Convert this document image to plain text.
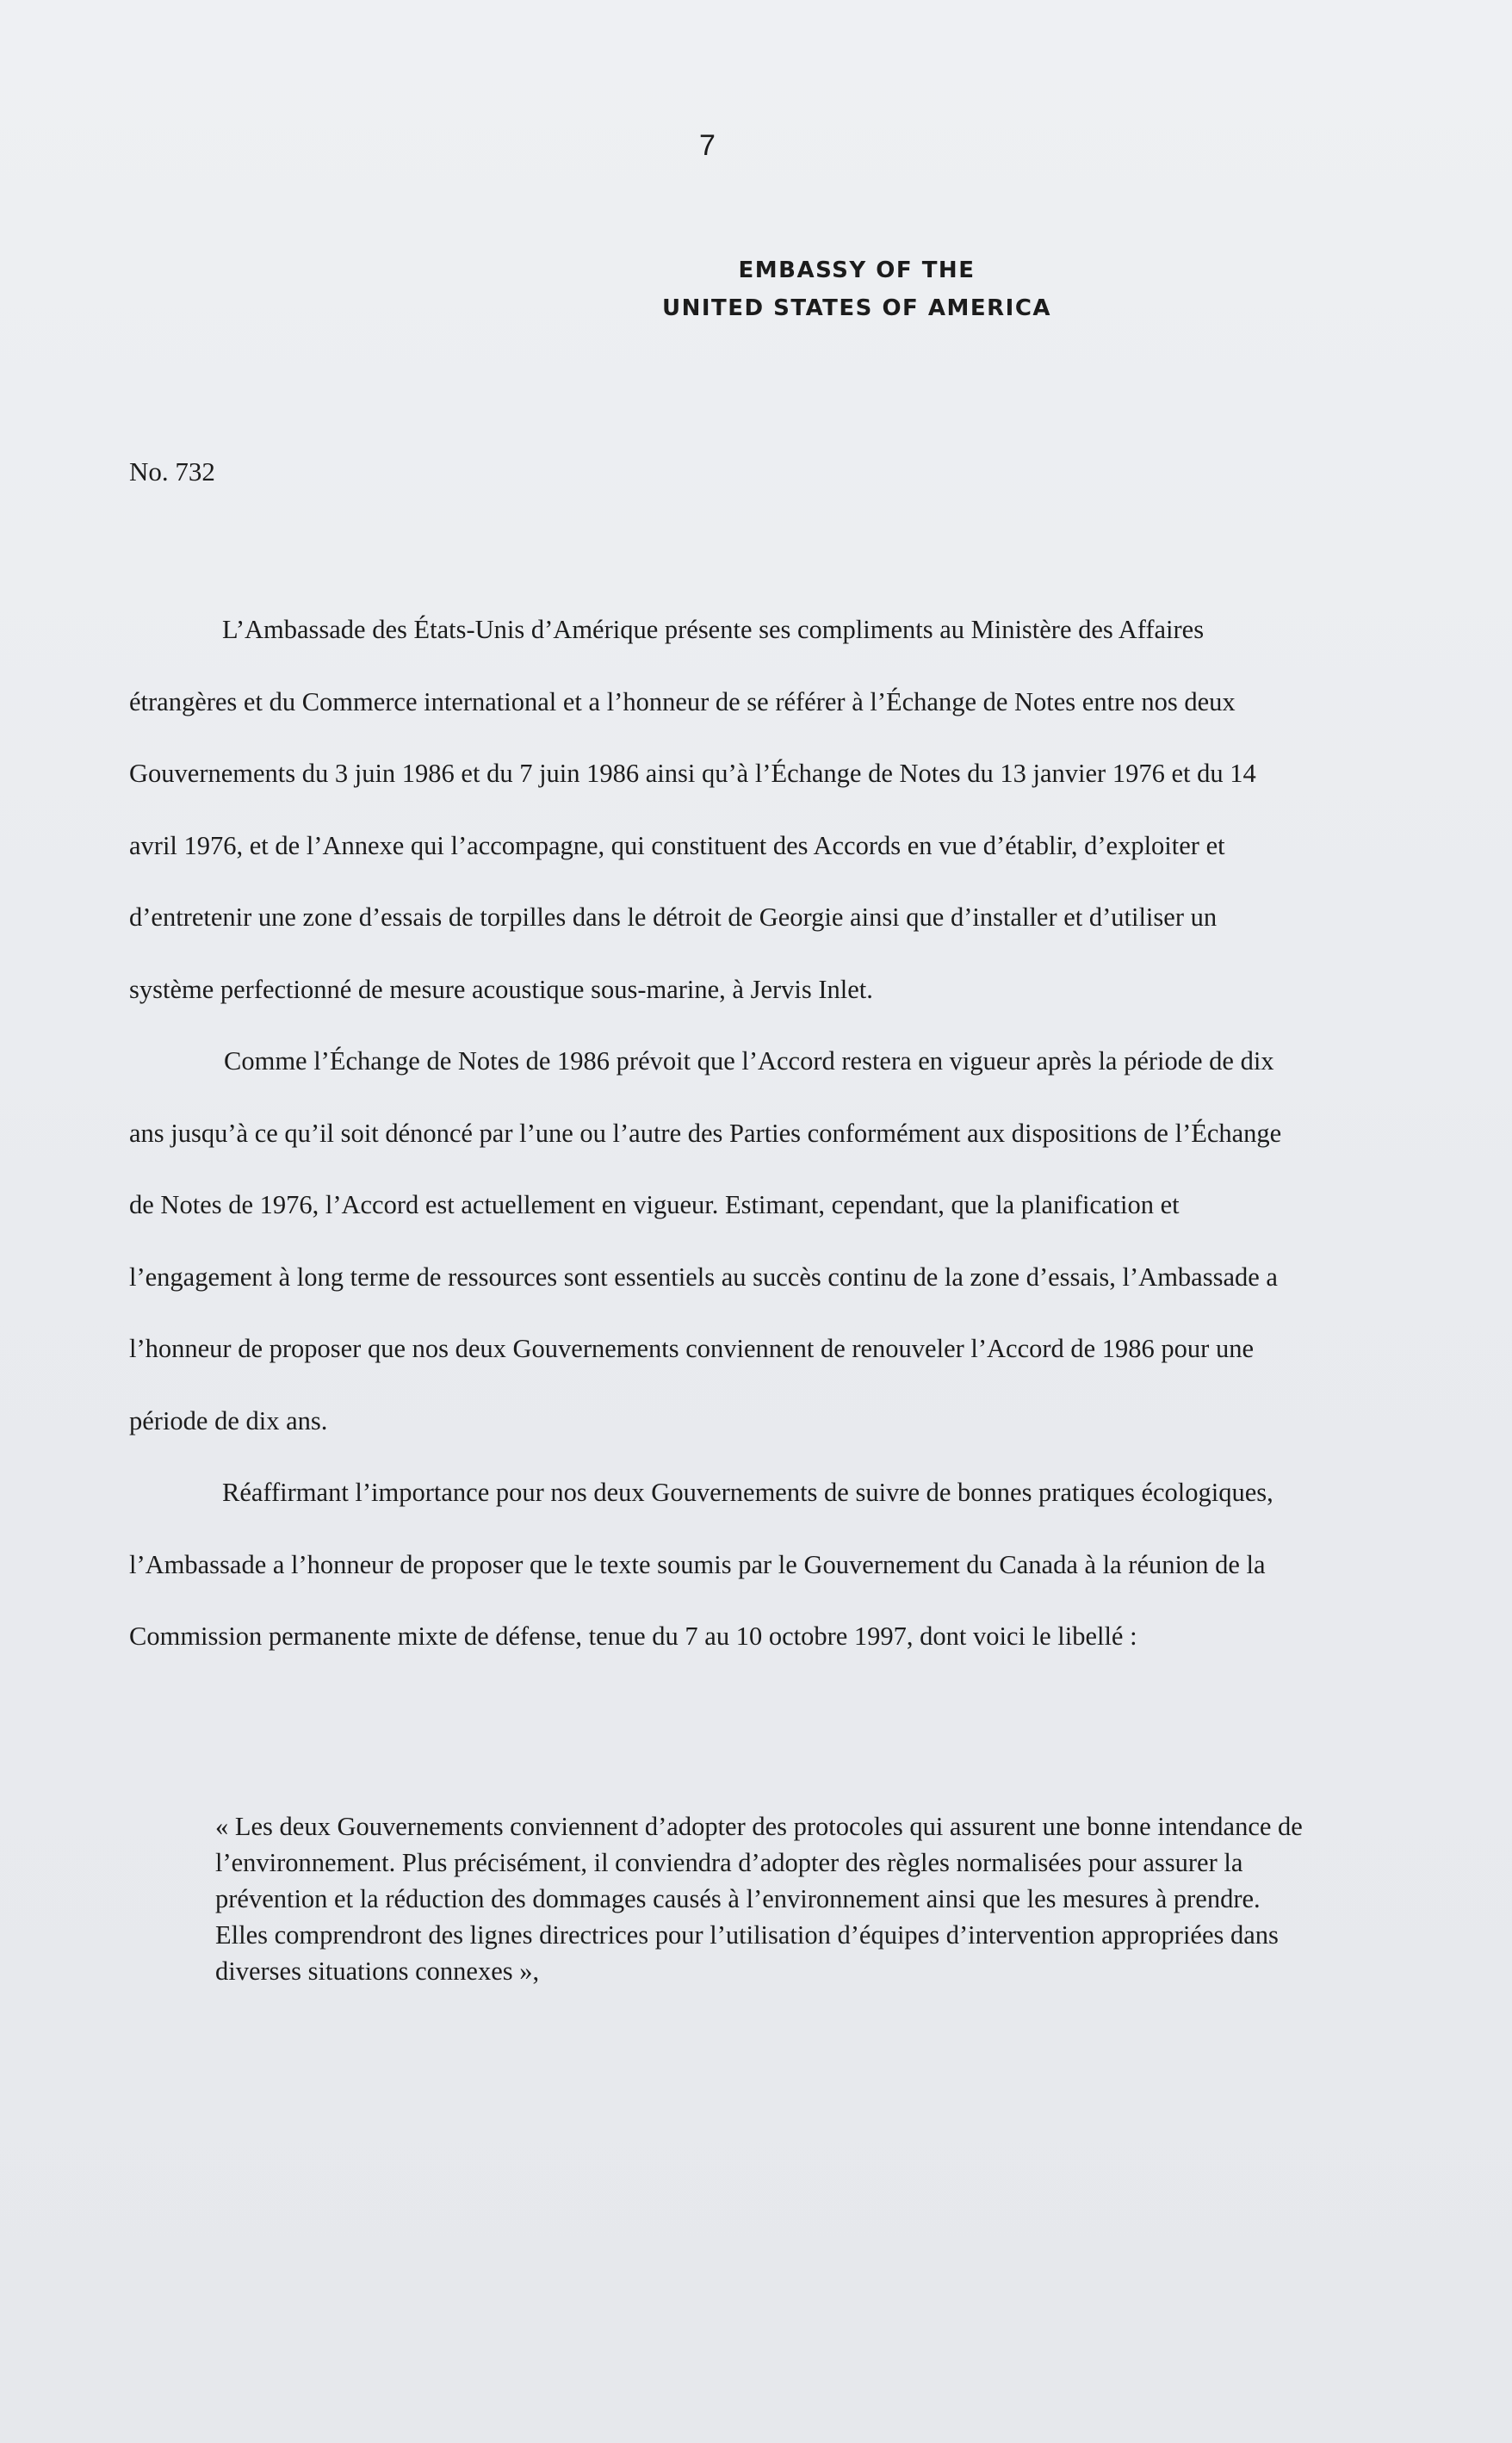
7
EMBASSY OF THE
UNITED STATES OF AMERICA
No. 732

L’Ambassade des États-Unis d’Amérique présente ses compliments au Ministère des Affaires étrangères et du Commerce international et a l’honneur de se référer à l’Échange de Notes entre nos deux Gouvernements du 3 juin 1986 et du 7 juin 1986 ainsi qu’à l’Échange de Notes du 13 janvier 1976 et du 14 avril 1976, et de l’Annexe qui l’accompagne, qui constituent des Accords en vue d’établir, d’exploiter et d’entretenir une zone d’essais de torpilles dans le détroit de Georgie ainsi que d’installer et d’utiliser un système perfectionné de mesure acoustique sous-marine, à Jervis Inlet.

Comme l’Échange de Notes de 1986 prévoit que l’Accord restera en vigueur après la période de dix ans jusqu’à ce qu’il soit dénoncé par l’une ou l’autre des Parties conformément aux dispositions de l’Échange de Notes de 1976, l’Accord est actuellement en vigueur. Estimant, cependant, que la planification et l’engagement à long terme de ressources sont essentiels au succès continu de la zone d’essais, l’Ambassade a l’honneur de proposer que nos deux Gouvernements conviennent de renouveler l’Accord de 1986 pour une période de dix ans.

Réaffirmant l’importance pour nos deux Gouvernements de suivre de bonnes pratiques écologiques, l’Ambassade a l’honneur de proposer que le texte soumis par le Gouvernement du Canada à la réunion de la Commission permanente mixte de défense, tenue du 7 au 10 octobre 1997, dont voici le libellé :

« Les deux Gouvernements conviennent d’adopter des protocoles qui assurent une bonne intendance de l’environnement. Plus précisément, il conviendra d’adopter des règles normalisées pour assurer la prévention et la réduction des dommages causés à l’environnement ainsi que les mesures à prendre. Elles comprendront des lignes directrices pour l’utilisation d’équipes d’intervention appropriées dans diverses situations connexes »,
